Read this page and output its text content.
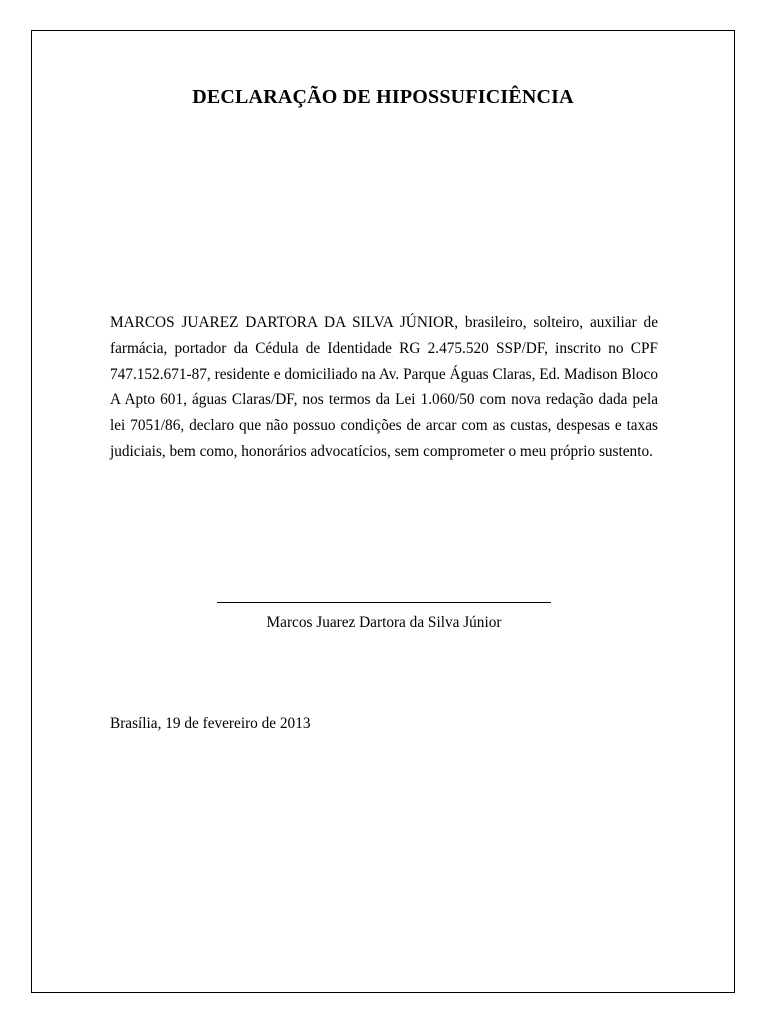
DECLARAÇÃO DE HIPOSSUFICIÊNCIA
MARCOS JUAREZ DARTORA DA SILVA JÚNIOR, brasileiro, solteiro, auxiliar de farmácia, portador da Cédula de Identidade RG 2.475.520 SSP/DF, inscrito no CPF 747.152.671-87, residente e domiciliado na Av. Parque Águas Claras, Ed. Madison Bloco A Apto 601, águas Claras/DF, nos termos da Lei 1.060/50 com nova redação dada pela lei 7051/86, declaro que não possuo condições de arcar com as custas, despesas e taxas judiciais, bem como, honorários advocatícios, sem comprometer o meu próprio sustento.
Marcos Juarez Dartora da Silva Júnior
Brasília, 19 de fevereiro de 2013
